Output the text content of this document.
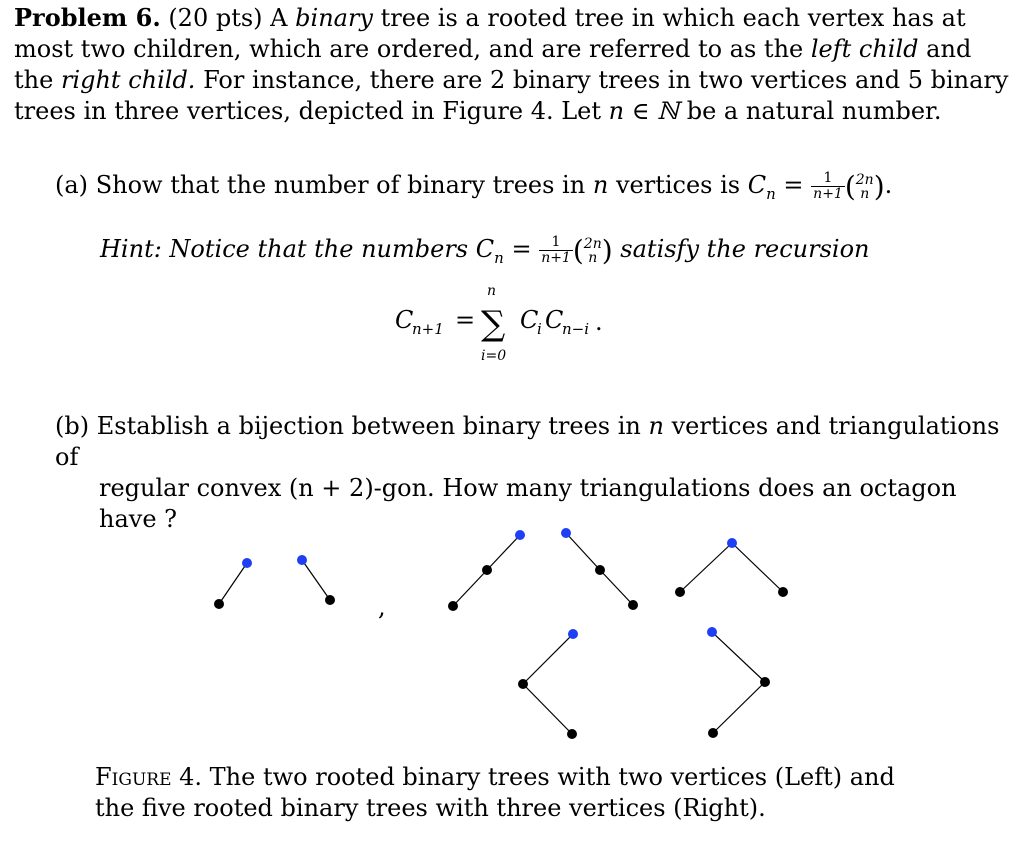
Problem 6. (20 pts) A binary tree is a rooted tree in which each vertex has at most two children, which are ordered, and are referred to as the left child and the right child. For instance, there are 2 binary trees in two vertices and 5 binary trees in three vertices, depicted in Figure 4. Let n ∈ ℕ be a natural number.
(a) Show that the number of binary trees in n vertices is $C_n = \frac{1}{n+1}$ ( 2n
n ).
Hint: Notice that the numbers $C_n = \frac{1}{n+1}$ ( 2n
n ) satisfy the recursion
C
n+1 =
n
∑
i=0
C
i C
n−i .
(b) Establish a bijection between binary trees in n vertices and triangulations of
regular convex (n + 2)-gon. How many triangulations does an octagon have ?
,
Figure 4. The two rooted binary trees with two vertices (Left) and the five rooted binary trees with three vertices (Right).
